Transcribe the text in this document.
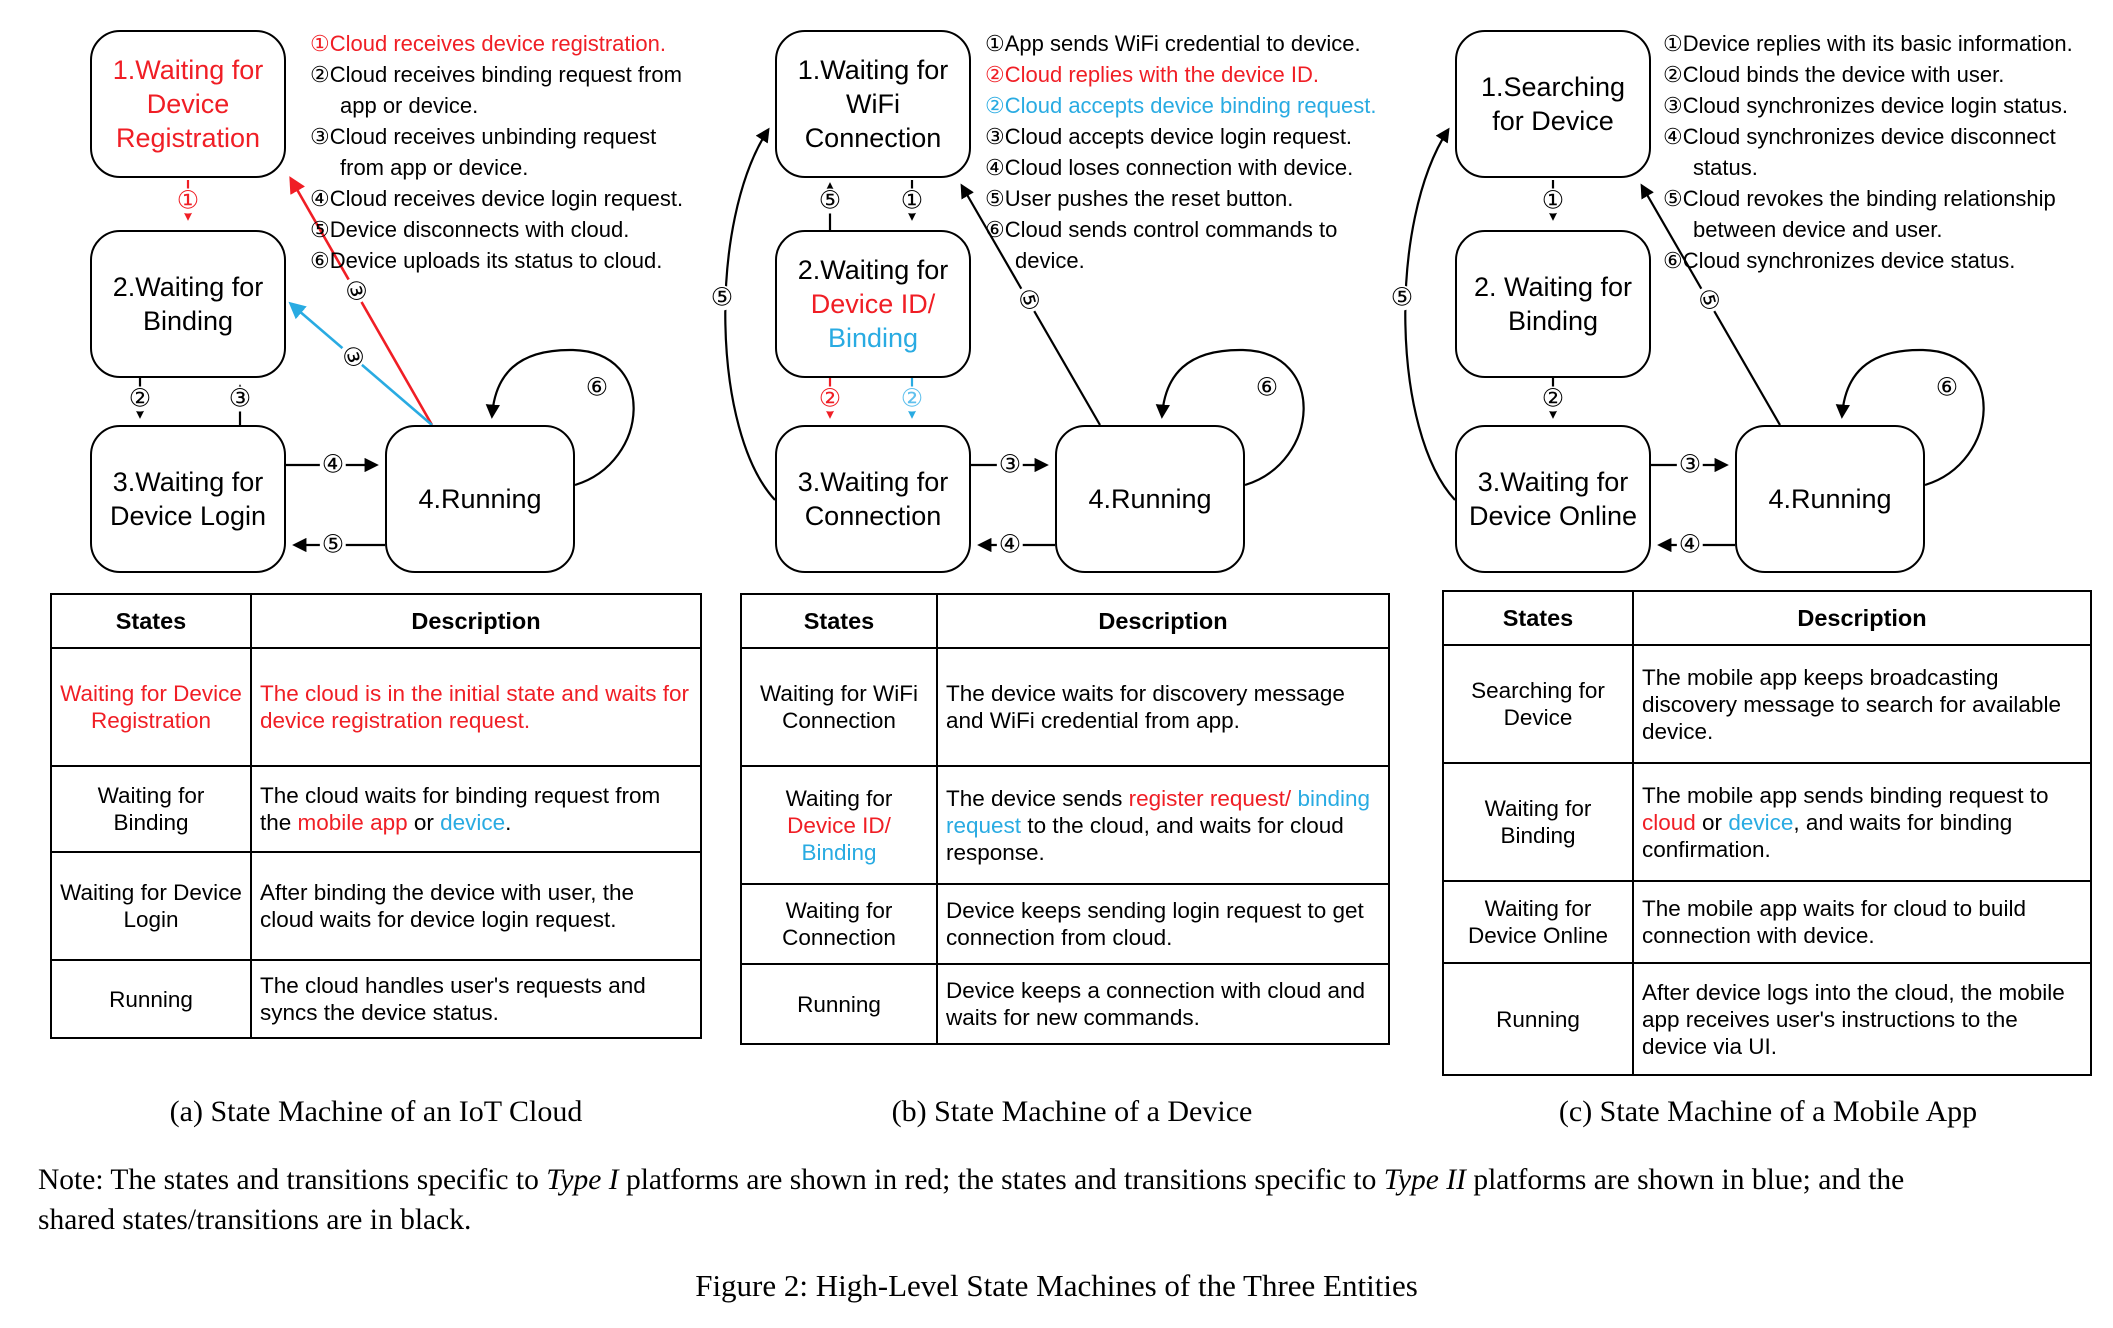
1.Waiting for
Device
Registration
2.Waiting for
Binding
3.Waiting for
Device Login
4.Running
①Cloud receives device registration.
②Cloud receives binding request from
app or device.
③Cloud receives unbinding request
from app or device.
④Cloud receives device login request.
⑤Device disconnects with cloud.
⑥Device uploads its status to cloud.
①
②	③
④
⑤
⑥
③
③
1.Waiting for
WiFi
Connection
2.Waiting for
Device ID/
Binding
3.Waiting for
Connection
4.Running
①App sends WiFi credential to device.
②Cloud replies with the device ID.
②Cloud accepts device binding request.
③Cloud accepts device login request.
④Cloud loses connection with device.
⑤User pushes the reset button.
⑥Cloud sends control commands to
device.
⑤ ①
② ②
③
④
⑥
⑤	⑤
1.Searching
for Device
2. Waiting for
Binding
3.Waiting for
Device Online
4.Running
①Device replies with its basic information.
②Cloud binds the device with user.
③Cloud synchronizes device login status.
④Cloud synchronizes device disconnect
status.
⑤Cloud revokes the binding relationship
between device and user.
⑥Cloud synchronizes device status.
①
②
③
④
⑥
⑤	⑤
States	Description
Waiting for Device Registration	The cloud is in the initial state and waits for device registration request.
Waiting for Binding	The cloud waits for binding request from the mobile app or device.
Waiting for Device Login	After binding the device with user, the cloud waits for device login request.
Running	The cloud handles user's requests and syncs the device status.
States	Description
Waiting for WiFi Connection	The device waits for discovery message and WiFi credential from app.
Waiting for Device ID/ Binding	The device sends register request/ binding request to the cloud, and waits for cloud response.
Waiting for Connection	Device keeps sending login request to get connection from cloud.
Running	Device keeps a connection with cloud and waits for new commands.
States	Description
Searching for Device	The mobile app keeps broadcasting discovery message to search for available device.
Waiting for Binding	The mobile app sends binding request to cloud or device, and waits for binding confirmation.
Waiting for Device Online	The mobile app waits for cloud to build connection with device.
Running	After device logs into the cloud, the mobile app receives user's instructions to the device via UI.
(a) State Machine of an IoT Cloud	(b) State Machine of a Device	(c) State Machine of a Mobile App
Note: The states and transitions specific to Type I platforms are shown in red; the states and transitions specific to Type II platforms are shown in blue; and the
shared states/transitions are in black.
Figure 2: High-Level State Machines of the Three Entities
